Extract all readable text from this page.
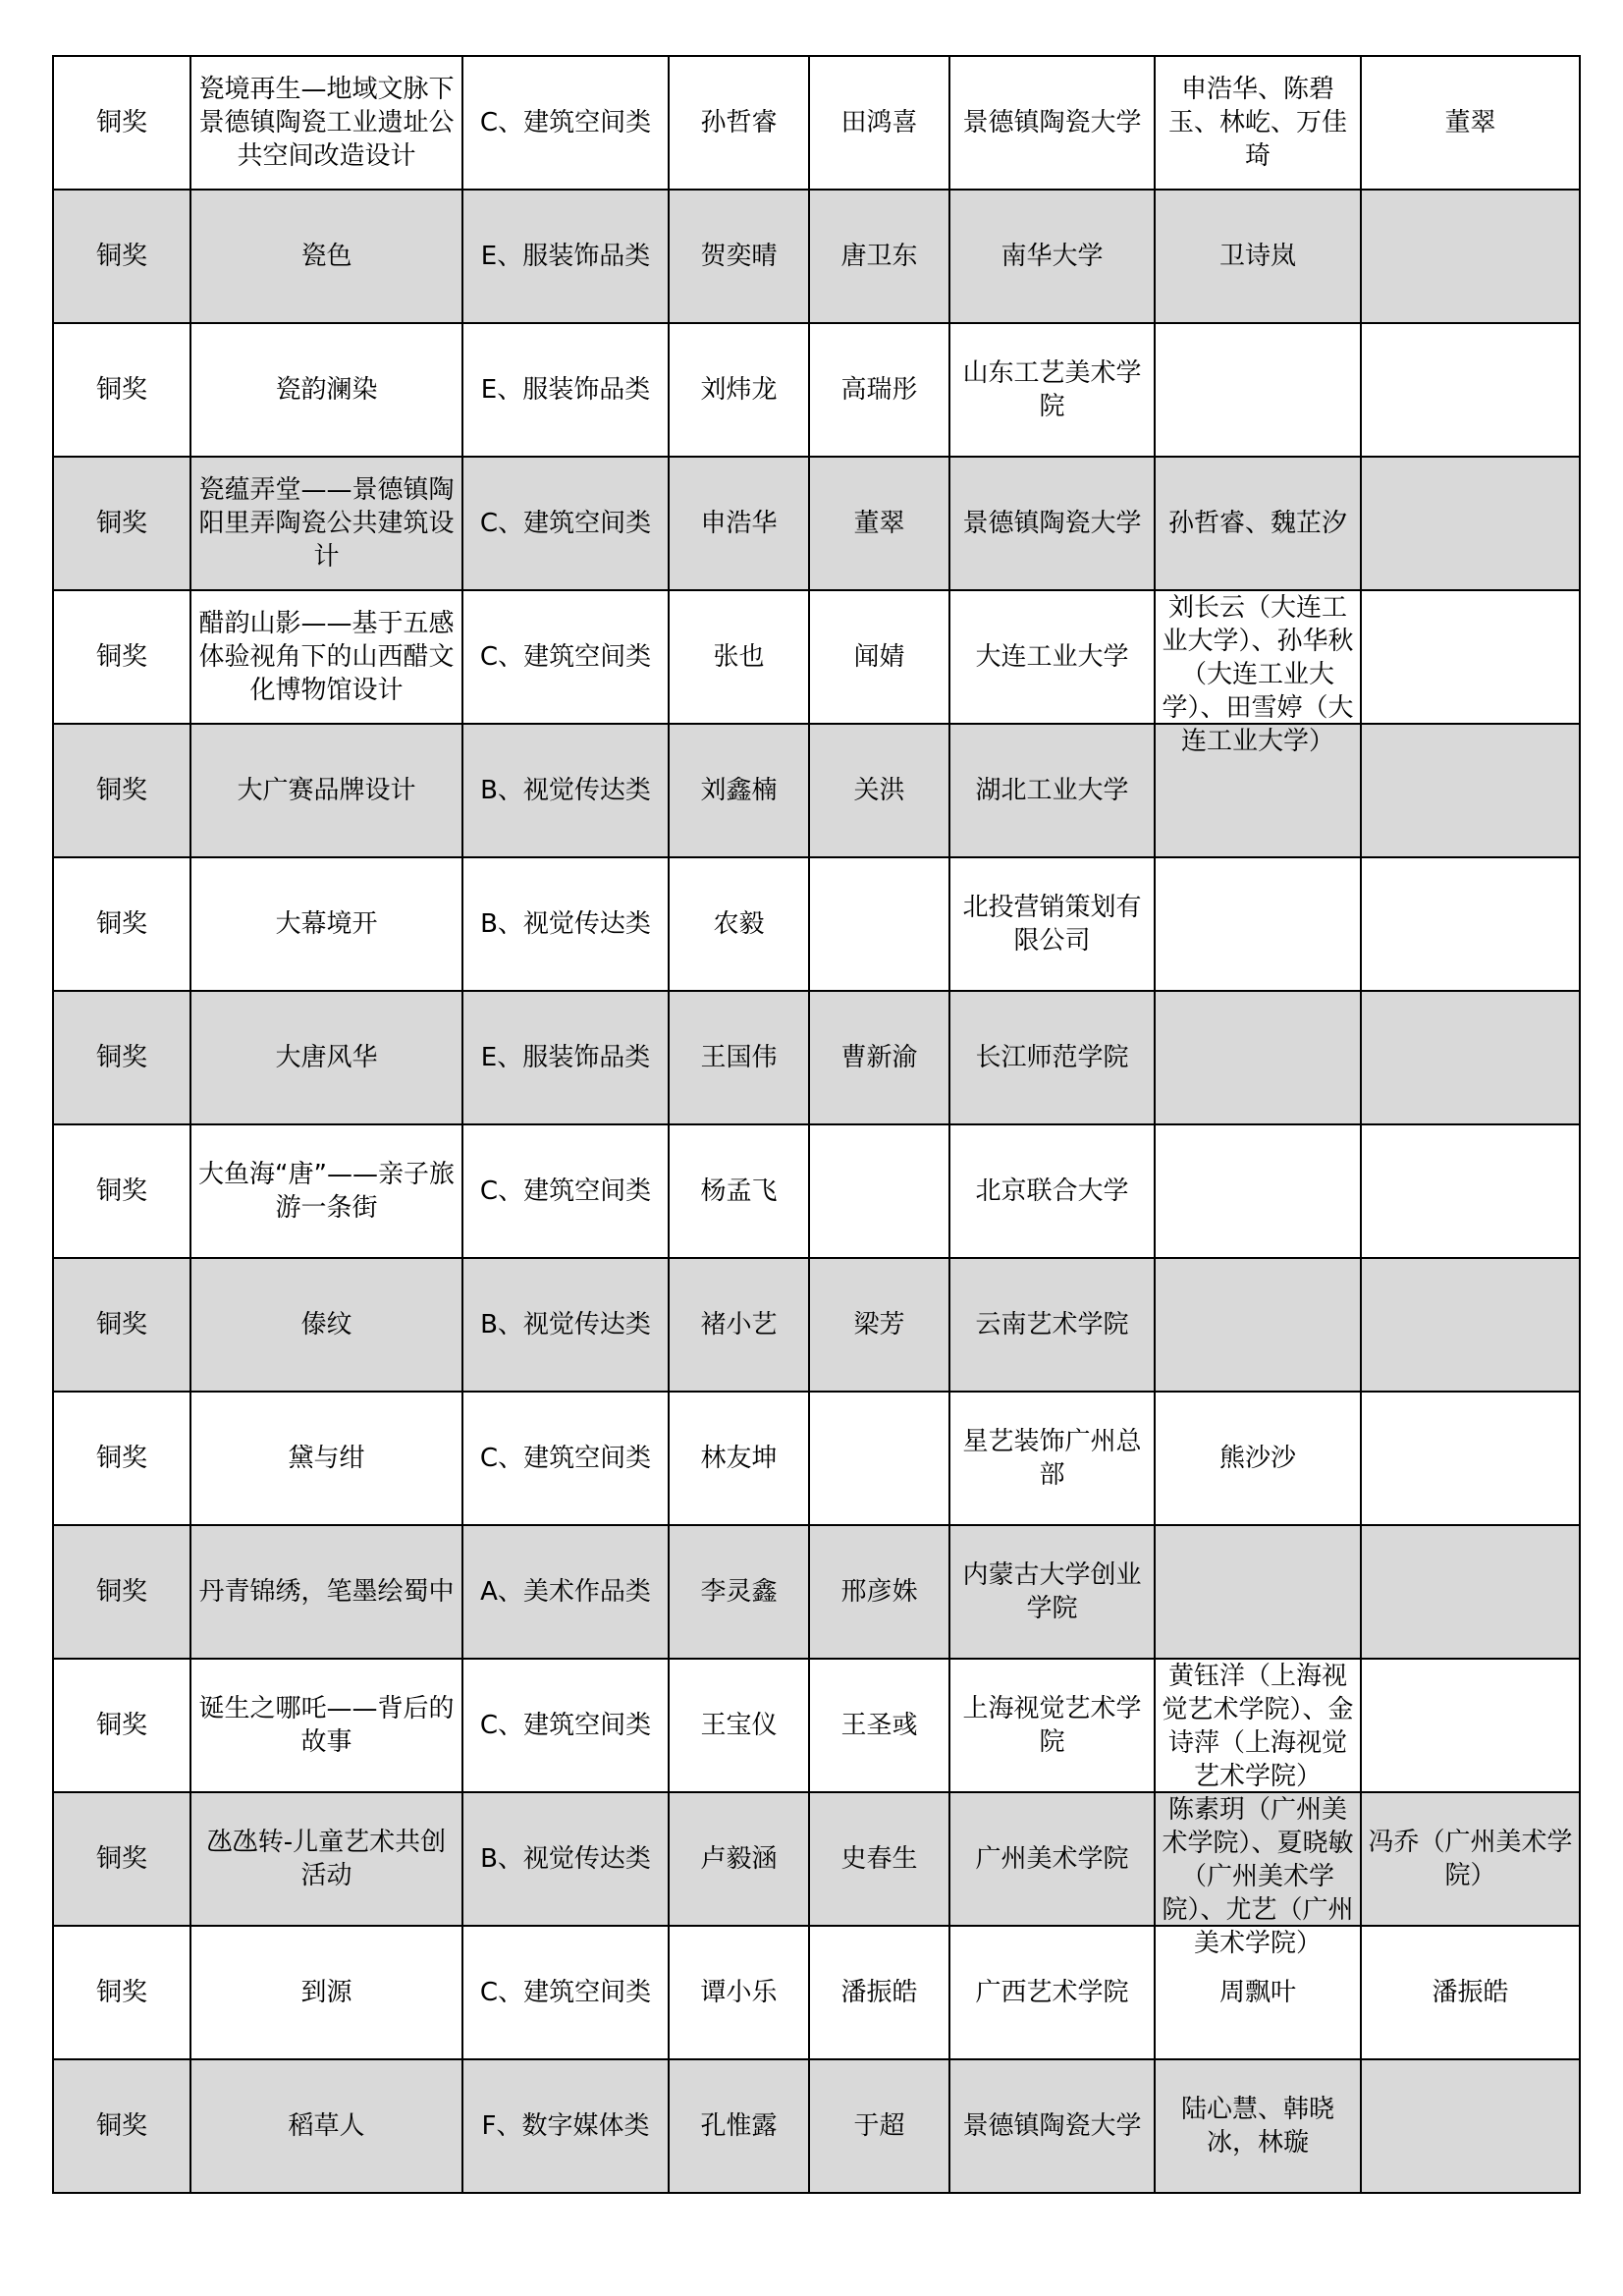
铜奖	瓷境再生—地域文脉下景德镇陶瓷工业遗址公共空间改造设计	C、建筑空间类	孙哲睿	田鸿喜	景德镇陶瓷大学	申浩华、陈碧玉、林屹、万佳琦	董翠

铜奖	瓷色	E、服装饰品类	贺奕晴	唐卫东	南华大学	卫诗岚	

铜奖	瓷韵澜染	E、服装饰品类	刘炜龙	高瑞彤	山东工艺美术学院		

铜奖	瓷蕴弄堂——景德镇陶阳里弄陶瓷公共建筑设计	C、建筑空间类	申浩华	董翠	景德镇陶瓷大学	孙哲睿、魏芷汐	

铜奖	醋韵山影——基于五感体验视角下的山西醋文化博物馆设计	C、建筑空间类	张也	闻婧	大连工业大学	刘长云（大连工业大学）、孙华秋（大连工业大学）、田雪婷（大连工业大学）	

铜奖	大广赛品牌设计	B、视觉传达类	刘鑫楠	关洪	湖北工业大学		

铜奖	大幕境开	B、视觉传达类	农毅		北投营销策划有限公司		

铜奖	大唐风华	E、服装饰品类	王国伟	曹新渝	长江师范学院		

铜奖	大鱼海“唐”——亲子旅游一条街	C、建筑空间类	杨孟飞		北京联合大学		

铜奖	傣纹	B、视觉传达类	褚小艺	梁芳	云南艺术学院		

铜奖	黛与绀	C、建筑空间类	林友坤		星艺装饰广州总部	熊沙沙	

铜奖	丹青锦绣，笔墨绘蜀中	A、美术作品类	李灵鑫	邢彦姝	内蒙古大学创业学院		

铜奖	诞生之哪吒——背后的故事	C、建筑空间类	王宝仪	王圣彧	上海视觉艺术学院	黄钰洋（上海视觉艺术学院）、金诗萍（上海视觉艺术学院）	

铜奖	氹氹转-儿童艺术共创活动	B、视觉传达类	卢毅涵	史春生	广州美术学院	陈素玥（广州美术学院）、夏晓敏（广州美术学院）、尤艺（广州美术学院）	冯乔（广州美术学院）

铜奖	到源	C、建筑空间类	谭小乐	潘振皓	广西艺术学院	周飘叶	潘振皓

铜奖	稻草人	F、数字媒体类	孔惟露	于超	景德镇陶瓷大学	陆心慧、韩晓冰，林璇	
